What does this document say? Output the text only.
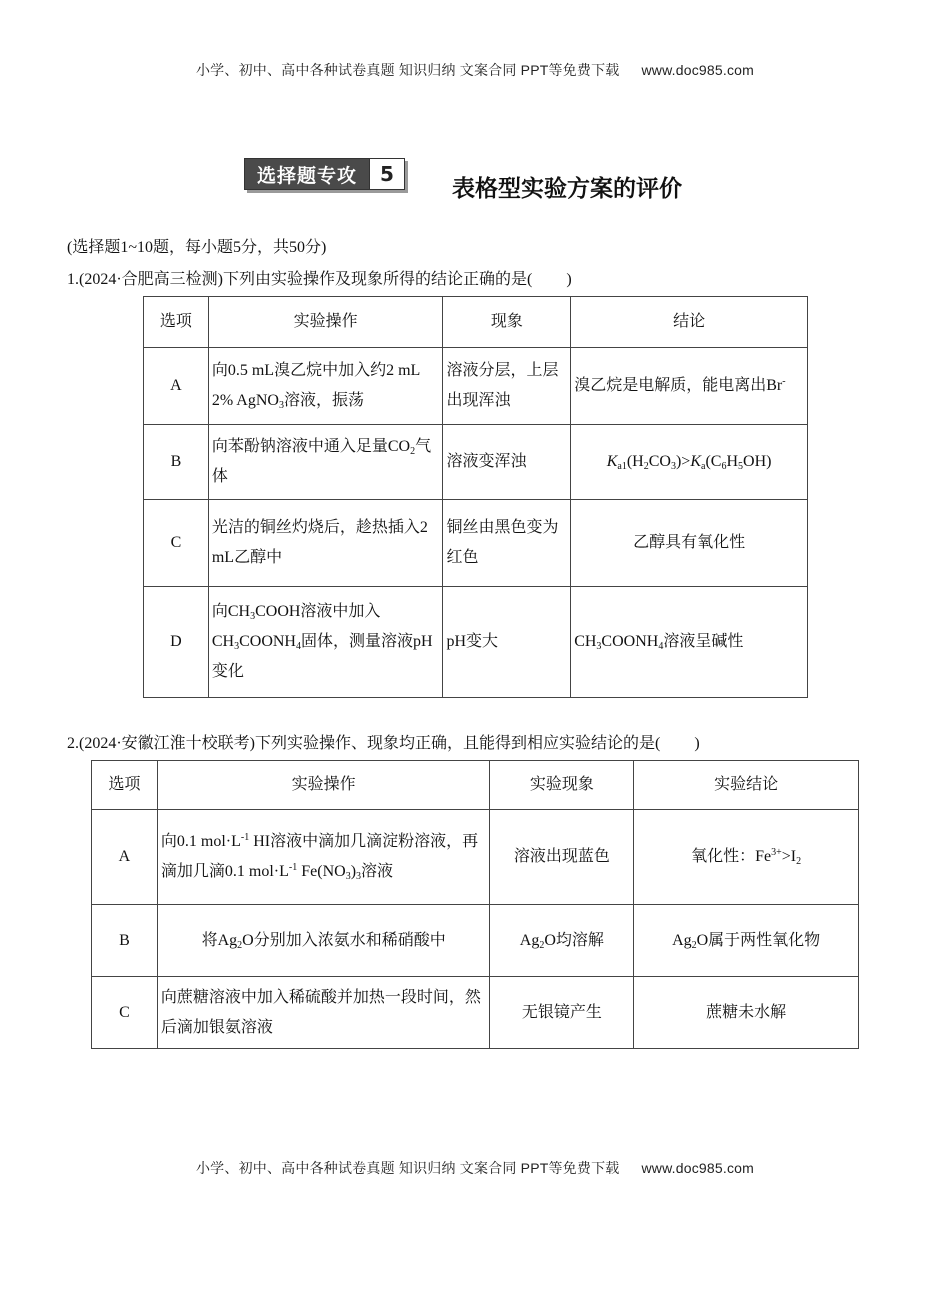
小学、初中、高中各种试卷真题 知识归纳 文案合同 PPT等免费下载 www.doc985.com
选择题专攻	5
表格型实验方案的评价
(选择题1~10题，每小题5分，共50分)
1.(2024·合肥高三检测)下列由实验操作及现象所得的结论正确的是( )
选项	实验操作	现象	结论
A	向0.5 mL溴乙烷中加入约2 mL 2% AgNO$_3$溶液，振荡	溶液分层，上层出现浑浊	溴乙烷是电解质，能电离出Br-
B	向苯酚钠溶液中通入足量$CO_2$气体	溶液变浑浊	$K_{a1}(H_2CO_3)>K_a(C_6H_5OH)$
C	光洁的铜丝灼烧后，趁热插入2 mL乙醇中	铜丝由黑色变为红色	乙醇具有氧化性
D	向$CH_3COOH$溶液中加入$CH_3COONH_4$固体，测量溶液pH变化	pH变大	$CH_3COONH_4$溶液呈碱性
2.(2024·安徽江淮十校联考)下列实验操作、现象均正确，且能得到相应实验结论的是( )
选项	实验操作	实验现象	实验结论
A	向0.1 $mol\cdot L^{-1}$ HI溶液中滴加几滴淀粉溶液，再滴加几滴0.1 $mol\cdot L^{-1}$ $Fe(NO_3)_3$溶液	溶液出现蓝色	氧化性：$Fe^{3+}>I_2$
B	将$Ag_2O$分别加入浓氨水和稀硝酸中	$Ag_2O$均溶解	$Ag_2O$属于两性氧化物
C	向蔗糖溶液中加入稀硫酸并加热一段时间，然后滴加银氨溶液	无银镜产生	蔗糖未水解
小学、初中、高中各种试卷真题 知识归纳 文案合同 PPT等免费下载 www.doc985.com
